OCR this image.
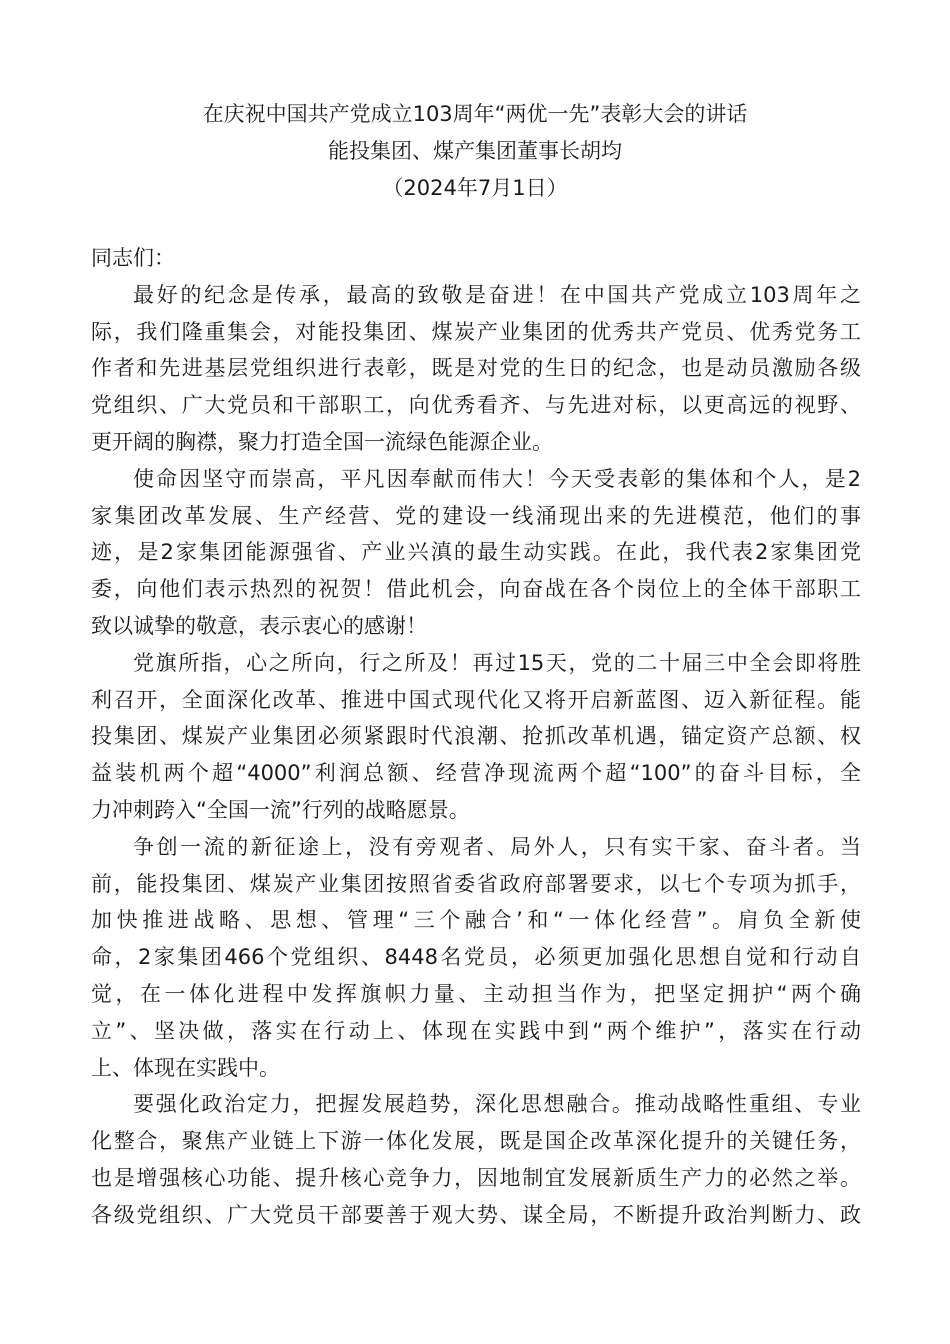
在庆祝中国共产党成立103周年“两优一先”表彰大会的讲话
能投集团、煤产集团董事长胡均
（2024年7月1日）

同志们：

最好的纪念是传承，最高的致敬是奋进！在中国共产党成立103周年之
际，我们隆重集会，对能投集团、煤炭产业集团的优秀共产党员、优秀党务工
作者和先进基层党组织进行表彰，既是对党的生日的纪念，也是动员激励各级
党组织、广大党员和干部职工，向优秀看齐、与先进对标，以更高远的视野、
更开阔的胸襟，聚力打造全国一流绿色能源企业。

使命因坚守而崇高，平凡因奉献而伟大！今天受表彰的集体和个人，是2
家集团改革发展、生产经营、党的建设一线涌现出来的先进模范，他们的事
迹，是2家集团能源强省、产业兴滇的最生动实践。在此，我代表2家集团党
委，向他们表示热烈的祝贺！借此机会，向奋战在各个岗位上的全体干部职工
致以诚挚的敬意，表示衷心的感谢！

党旗所指，心之所向，行之所及！再过15天，党的二十届三中全会即将胜
利召开，全面深化改革、推进中国式现代化又将开启新蓝图、迈入新征程。能
投集团、煤炭产业集团必须紧跟时代浪潮、抢抓改革机遇，锚定资产总额、权
益装机两个超“4000”利润总额、经营净现流两个超“100”的奋斗目标，全
力冲刺跨入“全国一流”行列的战略愿景。

争创一流的新征途上，没有旁观者、局外人，只有实干家、奋斗者。当
前，能投集团、煤炭产业集团按照省委省政府部署要求，以七个专项为抓手，
加快推进战略、思想、管理“三个融合’和“一体化经营”。肩负全新使
命，2家集团466个党组织、8448名党员，必须更加强化思想自觉和行动自
觉，在一体化进程中发挥旗帜力量、主动担当作为，把坚定拥护“两个确
立”、坚决做，落实在行动上、体现在实践中到“两个维护”，落实在行动
上、体现在实践中。

要强化政治定力，把握发展趋势，深化思想融合。推动战略性重组、专业
化整合，聚焦产业链上下游一体化发展，既是国企改革深化提升的关键任务，
也是增强核心功能、提升核心竞争力，因地制宜发展新质生产力的必然之举。
各级党组织、广大党员干部要善于观大势、谋全局，不断提升政治判断力、政
